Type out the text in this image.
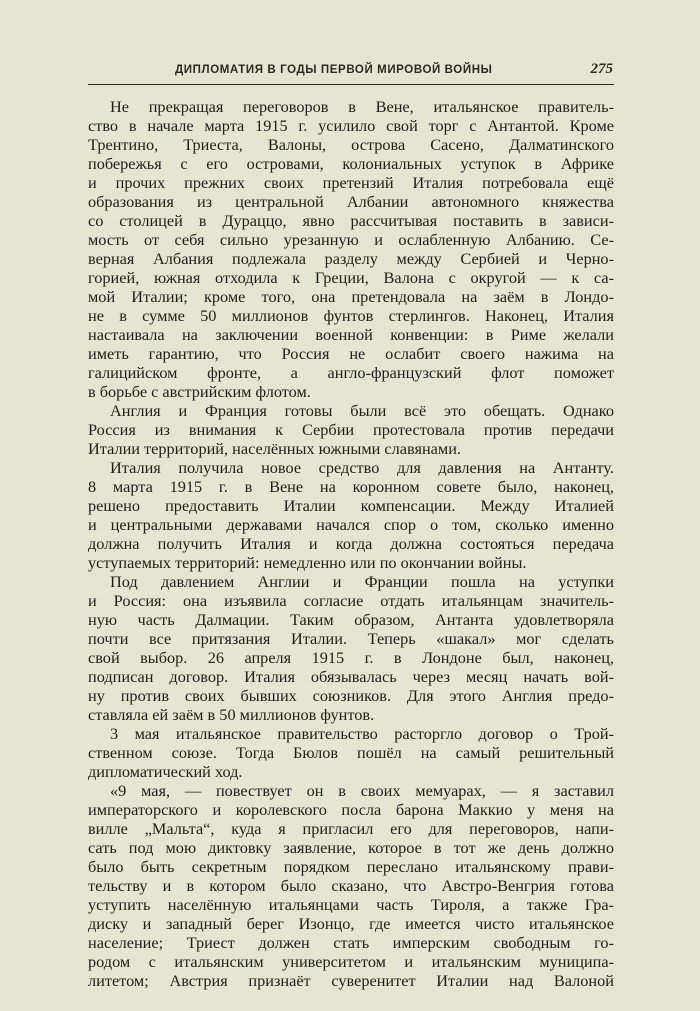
ДИПЛОМАТИЯ В ГОДЫ ПЕРВОЙ МИРОВОЙ ВОЙНЫ	275

Не прекращая переговоров в Вене, итальянское правитель-
ство в начале марта 1915 г. усилило свой торг с Антантой. Кроме
Трентино, Триеста, Валоны, острова Сасено, Далматинского
побережья с его островами, колониальных уступок в Африке
и прочих прежних своих претензий Италия потребовала ещё
образования из центральной Албании автономного княжества
со столицей в Дураццо, явно рассчитывая поставить в зависи-
мость от себя сильно урезанную и ослабленную Албанию. Се-
верная Албания подлежала разделу между Сербией и Черно-
горией, южная отходила к Греции, Валона с округой — к са-
мой Италии; кроме того, она претендовала на заём в Лондо-
не в сумме 50 миллионов фунтов стерлингов. Наконец, Италия
настаивала на заключении военной конвенции: в Риме желали
иметь гарантию, что Россия не ослабит своего нажима на
галицийском фронте, а англо-французский флот поможет
в борьбе с австрийским флотом.

Англия и Франция готовы были всё это обещать. Однако
Россия из внимания к Сербии протестовала против передачи
Италии территорий, населённых южными славянами.

Италия получила новое средство для давления на Антанту.
8 марта 1915 г. в Вене на коронном совете было, наконец,
решено предоставить Италии компенсации. Между Италией
и центральными державами начался спор о том, сколько именно
должна получить Италия и когда должна состояться передача
уступаемых территорий: немедленно или по окончании войны.

Под давлением Англии и Франции пошла на уступки
и Россия: она изъявила согласие отдать итальянцам значитель-
ную часть Далмации. Таким образом, Антанта удовлетворяла
почти все притязания Италии. Теперь «шакал» мог сделать
свой выбор. 26 апреля 1915 г. в Лондоне был, наконец,
подписан договор. Италия обязывалась через месяц начать вой-
ну против своих бывших союзников. Для этого Англия предо-
ставляла ей заём в 50 миллионов фунтов.

3 мая итальянское правительство расторгло договор о Трой-
ственном союзе. Тогда Бюлов пошёл на самый решительный
дипломатический ход.

«9 мая, — повествует он в своих мемуарах, — я заставил
императорского и королевского посла барона Маккио у меня на
вилле „Мальта“, куда я пригласил его для переговоров, напи-
сать под мою диктовку заявление, которое в тот же день должно
было быть секретным порядком переслано итальянскому прави-
тельству и в котором было сказано, что Австро-Венгрия готова
уступить населённую итальянцами часть Тироля, а также Гра-
диску и западный берег Изонцо, где имеется чисто итальянское
население; Триест должен стать имперским свободным го-
родом с итальянским университетом и итальянским муниципа-
литетом; Австрия признаёт суверенитет Италии над Валоной
